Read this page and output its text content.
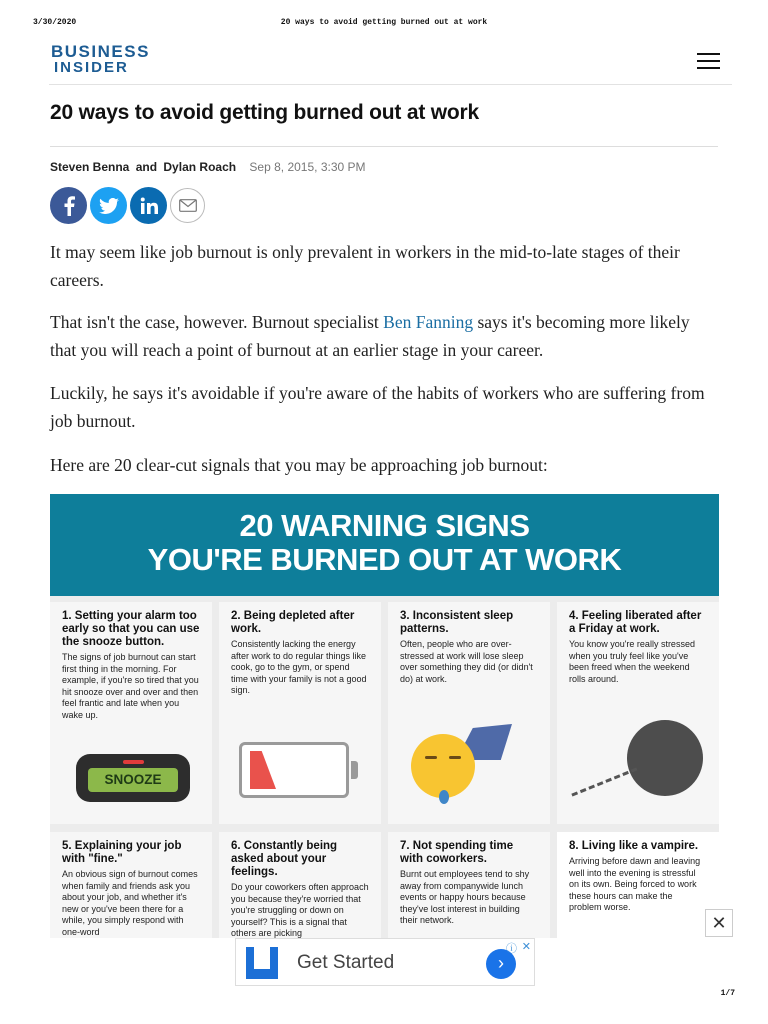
3/30/2020	20 ways to avoid getting burned out at work
BUSINESS
INSIDER
20 ways to avoid getting burned out at work
Steven Benna and Dylan Roach Sep 8, 2015, 3:30 PM

It may seem like job burnout is only prevalent in workers in the mid-to-late stages of their careers.

That isn't the case, however. Burnout specialist Ben Fanning says it's becoming more likely that you will reach a point of burnout at an earlier stage in your career.

Luckily, he says it's avoidable if you're aware of the habits of workers who are suffering from job burnout.

Here are 20 clear-cut signals that you may be approaching job burnout:

20 WARNING SIGNS
YOU'RE BURNED OUT AT WORK
1. Setting your alarm too early so that you can use the snooze button.
The signs of job burnout can start first thing in the morning. For example, if you're so tired that you hit snooze over and over and then feel frantic and late when you wake up.
SNOOZE
2. Being depleted after work.
Consistently lacking the energy after work to do regular things like cook, go to the gym, or spend time with your family is not a good sign.
3. Inconsistent sleep patterns.
Often, people who are over-stressed at work will lose sleep over something they did (or didn't do) at work.
4. Feeling liberated after a Friday at work.
You know you're really stressed when you truly feel like you've been freed when the weekend rolls around.
5. Explaining your job with "fine."
An obvious sign of burnout comes when family and friends ask you about your job, and whether it's new or you've been there for a while, you simply respond with one-word
6. Constantly being asked about your feelings.
Do your coworkers often approach you because they're worried that you're struggling or down on yourself? This is a signal that others are picking
7. Not spending time with coworkers.
Burnt out employees tend to shy away from companywide lunch events or happy hours because they've lost interest in building their network.
8. Living like a vampire.
Arriving before dawn and leaving well into the evening is stressful on its own. Being forced to work these hours can make the problem worse.
✕
Get Started	›
ⓘ ✕
1/7
